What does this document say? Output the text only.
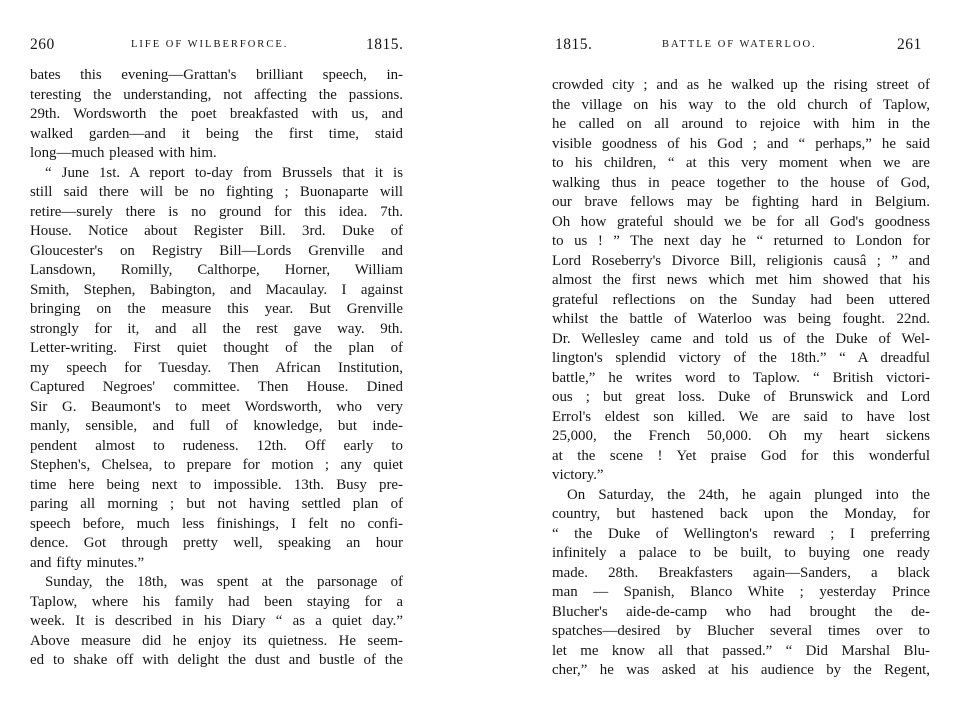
260	LIFE OF WILBERFORCE.	1815.	1815.	BATTLE OF WATERLOO.	261
bates this evening—Grattan's brilliant speech, in-
teresting the understanding, not affecting the passions.
29th. Wordsworth the poet breakfasted with us, and
walked garden—and it being the first time, staid
long—much pleased with him.
“ June 1st. A report to-day from Brussels that it is
still said there will be no fighting ; Buonaparte will
retire—surely there is no ground for this idea. 7th.
House. Notice about Register Bill. 3rd. Duke of
Gloucester's on Registry Bill—Lords Grenville and
Lansdown, Romilly, Calthorpe, Horner, William
Smith, Stephen, Babington, and Macaulay. I against
bringing on the measure this year. But Grenville
strongly for it, and all the rest gave way. 9th.
Letter-writing. First quiet thought of the plan of
my speech for Tuesday. Then African Institution,
Captured Negroes' committee. Then House. Dined
Sir G. Beaumont's to meet Wordsworth, who very
manly, sensible, and full of knowledge, but inde-
pendent almost to rudeness. 12th. Off early to
Stephen's, Chelsea, to prepare for motion ; any quiet
time here being next to impossible. 13th. Busy pre-
paring all morning ; but not having settled plan of
speech before, much less finishings, I felt no confi-
dence. Got through pretty well, speaking an hour
and fifty minutes.”
Sunday, the 18th, was spent at the parsonage of
Taplow, where his family had been staying for a
week. It is described in his Diary “ as a quiet day.”
Above measure did he enjoy its quietness. He seem-
ed to shake off with delight the dust and bustle of the
crowded city ; and as he walked up the rising street of
the village on his way to the old church of Taplow,
he called on all around to rejoice with him in the
visible goodness of his God ; and “ perhaps,” he said
to his children, “ at this very moment when we are
walking thus in peace together to the house of God,
our brave fellows may be fighting hard in Belgium.
Oh how grateful should we be for all God's goodness
to us ! ” The next day he “ returned to London for
Lord Roseberry's Divorce Bill, religionis causâ ; ” and
almost the first news which met him showed that his
grateful reflections on the Sunday had been uttered
whilst the battle of Waterloo was being fought. 22nd.
Dr. Wellesley came and told us of the Duke of Wel-
lington's splendid victory of the 18th.” “ A dreadful
battle,” he writes word to Taplow. “ British victori-
ous ; but great loss. Duke of Brunswick and Lord
Errol's eldest son killed. We are said to have lost
25,000, the French 50,000. Oh my heart sickens
at the scene ! Yet praise God for this wonderful
victory.”
On Saturday, the 24th, he again plunged into the
country, but hastened back upon the Monday, for
“ the Duke of Wellington's reward ; I preferring
infinitely a palace to be built, to buying one ready
made. 28th. Breakfasters again—Sanders, a black
man — Spanish, Blanco White ; yesterday Prince
Blucher's aide-de-camp who had brought the de-
spatches—desired by Blucher several times over to
let me know all that passed.” “ Did Marshal Blu-
cher,” he was asked at his audience by the Regent,
